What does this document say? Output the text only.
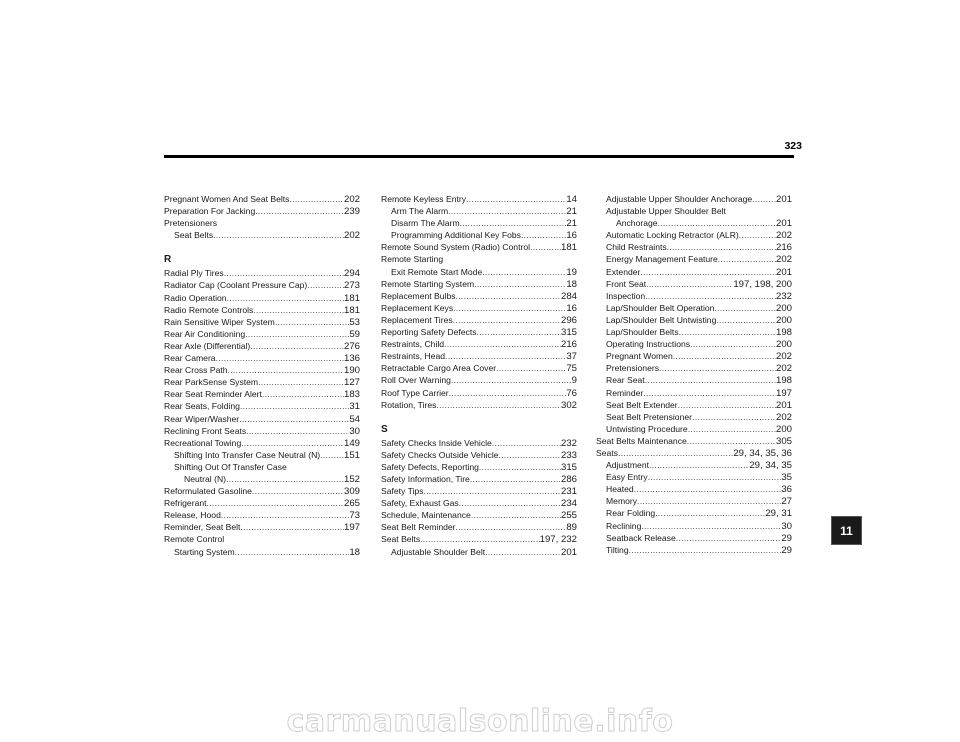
323
Pregnant Women And Seat Belts .....	202
Preparation For Jacking .....	239
Pretensioners
Seat Belts .....	202
R
Radial Ply Tires .....	294
Radiator Cap (Coolant Pressure Cap) .....	273
Radio Operation .....	181
Radio Remote Controls .....	181
Rain Sensitive Wiper System .....	53
Rear Air Conditioning .....	59
Rear Axle (Differential) .....	276
Rear Camera .....	136
Rear Cross Path .....	190
Rear ParkSense System .....	127
Rear Seat Reminder Alert .....	183
Rear Seats, Folding .....	31
Rear Wiper/Washer .....	54
Reclining Front Seats .....	30
Recreational Towing .....	149
Shifting Into Transfer Case Neutral (N) ..... 151
Shifting Out Of Transfer Case
Neutral (N) .....	152
Reformulated Gasoline .....	309
Refrigerant .....	265
Release, Hood .....	73
Reminder, Seat Belt .....	197
Remote Control
Starting System .....	18
Remote Keyless Entry .....	14
Arm The Alarm .....	21
Disarm The Alarm .....	21
Programming Additional Key Fobs .....	16
Remote Sound System (Radio) Control .....	181
Remote Starting
Exit Remote Start Mode .....	19
Remote Starting System .....	18
Replacement Bulbs .....	284
Replacement Keys .....	16
Replacement Tires .....	296
Reporting Safety Defects .....	315
Restraints, Child .....	216
Restraints, Head .....	37
Retractable Cargo Area Cover .....	75
Roll Over Warning .....	9
Roof Type Carrier .....	76
Rotation, Tires .....	302
S
Safety Checks Inside Vehicle .....	232
Safety Checks Outside Vehicle .....	233
Safety Defects, Reporting .....	315
Safety Information, Tire .....	286
Safety Tips .....	231
Safety, Exhaust Gas .....	234
Schedule, Maintenance .....	255
Seat Belt Reminder .....	89
Seat Belts .....	197, 232
Adjustable Shoulder Belt .....	201
Adjustable Upper Shoulder Anchorage ..... 201
Adjustable Upper Shoulder Belt
Anchorage .....	201
Automatic Locking Retractor (ALR) .....	202
Child Restraints .....	216
Energy Management Feature .....	202
Extender .....	201
Front Seat .....	197, 198, 200
Inspection .....	232
Lap/Shoulder Belt Operation .....	200
Lap/Shoulder Belt Untwisting .....	200
Lap/Shoulder Belts .....	198
Operating Instructions .....	200
Pregnant Women .....	202
Pretensioners .....	202
Rear Seat .....	198
Reminder .....	197
Seat Belt Extender .....	201
Seat Belt Pretensioner .....	202
Untwisting Procedure .....	200
Seat Belts Maintenance .....	305
Seats .....	29, 34, 35, 36
Adjustment .....	29, 34, 35
Easy Entry .....	35
Heated .....	36
Memory .....	27
Rear Folding .....	29, 31
Reclining .....	30
Seatback Release .....	29
Tilting .....	29
11
carmanualsonline.info
